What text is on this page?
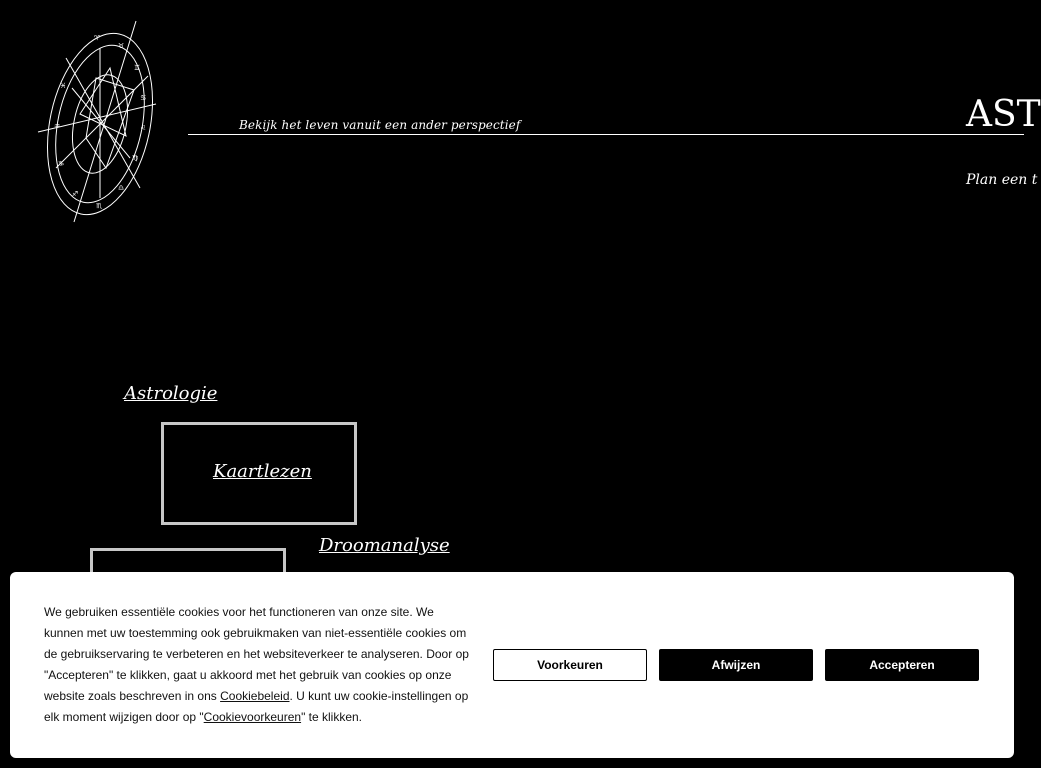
♈
♉
♊
♋
♌
♍
♎
♏
♐
♑
♒
♓
Bekijk het leven vanuit een ander perspectief	AST
Plan een t
Astrologie
Kaartlezen
Droomanalyse
We gebruiken essentiële cookies voor het functioneren van onze site. We kunnen met uw toestemming ook gebruikmaken van niet-essentiële cookies om de gebruikservaring te verbeteren en het websiteverkeer te analyseren. Door op "Accepteren" te klikken, gaat u akkoord met het gebruik van cookies op onze website zoals beschreven in ons Cookiebeleid. U kunt uw cookie-instellingen op elk moment wijzigen door op "Cookievoorkeuren" te klikken.
Voorkeuren	Afwijzen	Accepteren
